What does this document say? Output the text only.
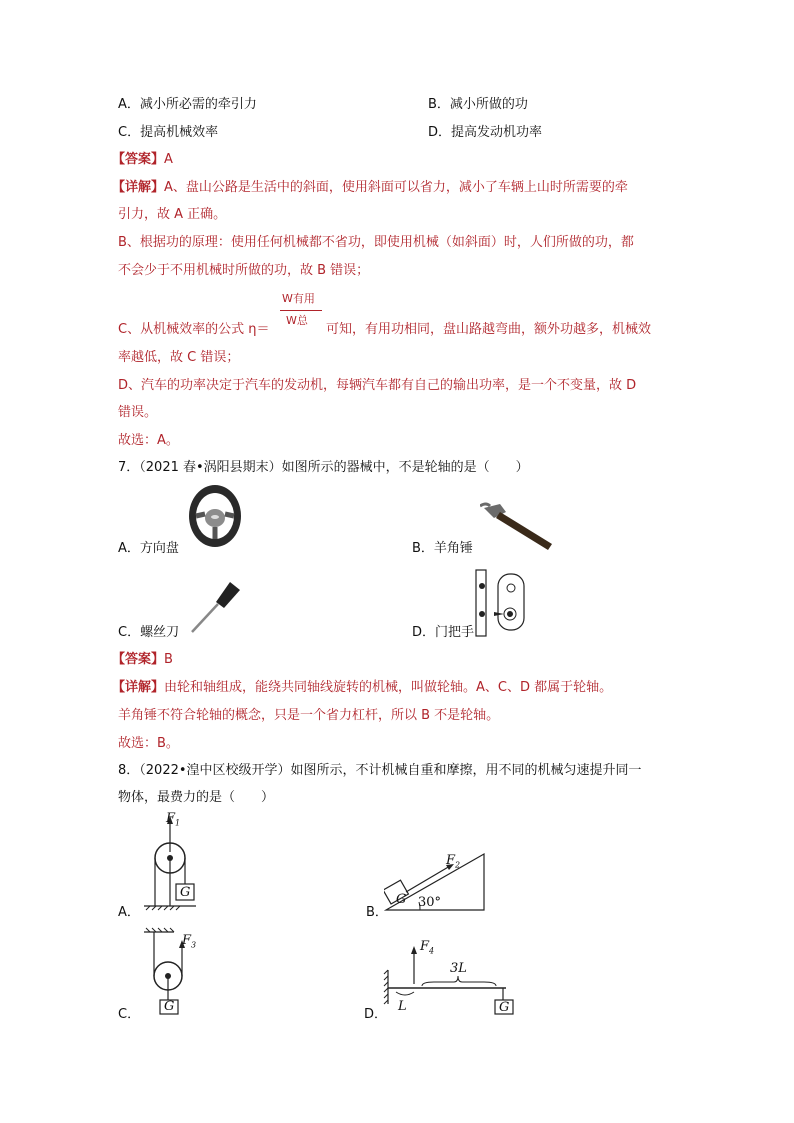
A．减小所必需的牵引力	B．减小所做的功
C．提高机械效率	D．提高发动机功率
【答案】A
【详解】A、盘山公路是生活中的斜面，使用斜面可以省力，减小了车辆上山时所需要的牵
引力，故 A 正确。
B、根据功的原理：使用任何机械都不省功，即使用机械（如斜面）时，人们所做的功，都
不会少于不用机械时所做的功，故 B 错误；
W有用
W总
C、从机械效率的公式 η＝	可知，有用功相同，盘山路越弯曲，额外功越多，机械效
率越低，故 C 错误；
D、汽车的功率决定于汽车的发动机，每辆汽车都有自己的输出功率，是一个不变量，故 D
错误。
故选：A。
7．（2021 春•涡阳县期末）如图所示的器械中，不是轮轴的是（　　）
A．方向盘	B．羊角锤
C．螺丝刀	D．门把手
【答案】B
【详解】由轮和轴组成，能绕共同轴线旋转的机械，叫做轮轴。A、C、D 都属于轮轴。
羊角锤不符合轮轴的概念，只是一个省力杠杆，所以 B 不是轮轴。
故选：B。
8．（2022•湟中区校级开学）如图所示，不计机械自重和摩擦，用不同的机械匀速提升同一
物体，最费力的是（　　）
$F_1$
G
A．
$F_2$
G 30°
B．
$F_3$
G
C．
$F_4$
3L
L	G
D．
